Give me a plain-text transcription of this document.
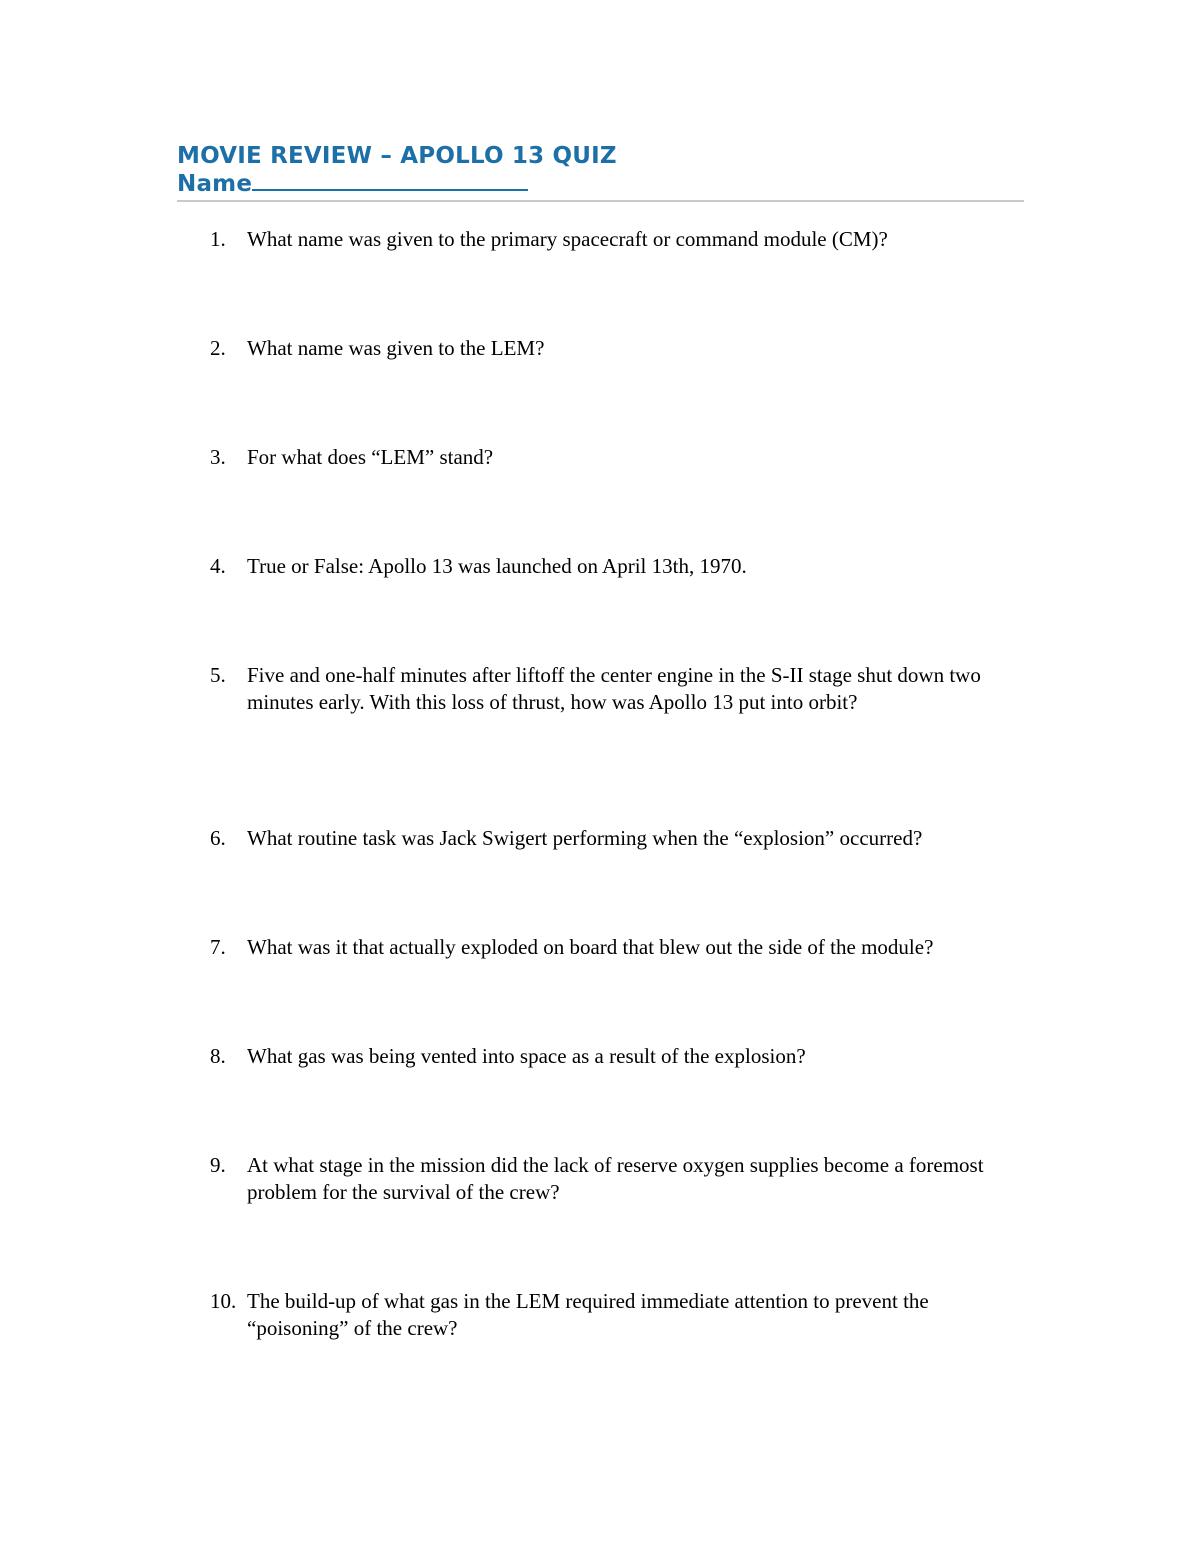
MOVIE REVIEW – APOLLO 13 QUIZ
Name
1. What name was given to the primary spacecraft or command module (CM)?
2. What name was given to the LEM?
3. For what does “LEM” stand?
4. True or False: Apollo 13 was launched on April 13th, 1970.
5. Five and one-half minutes after liftoff the center engine in the S-II stage shut down two minutes early. With this loss of thrust, how was Apollo 13 put into orbit?
6. What routine task was Jack Swigert performing when the “explosion” occurred?
7. What was it that actually exploded on board that blew out the side of the module?
8. What gas was being vented into space as a result of the explosion?
9. At what stage in the mission did the lack of reserve oxygen supplies become a foremost problem for the survival of the crew?
10. The build-up of what gas in the LEM required immediate attention to prevent the “poisoning” of the crew?
